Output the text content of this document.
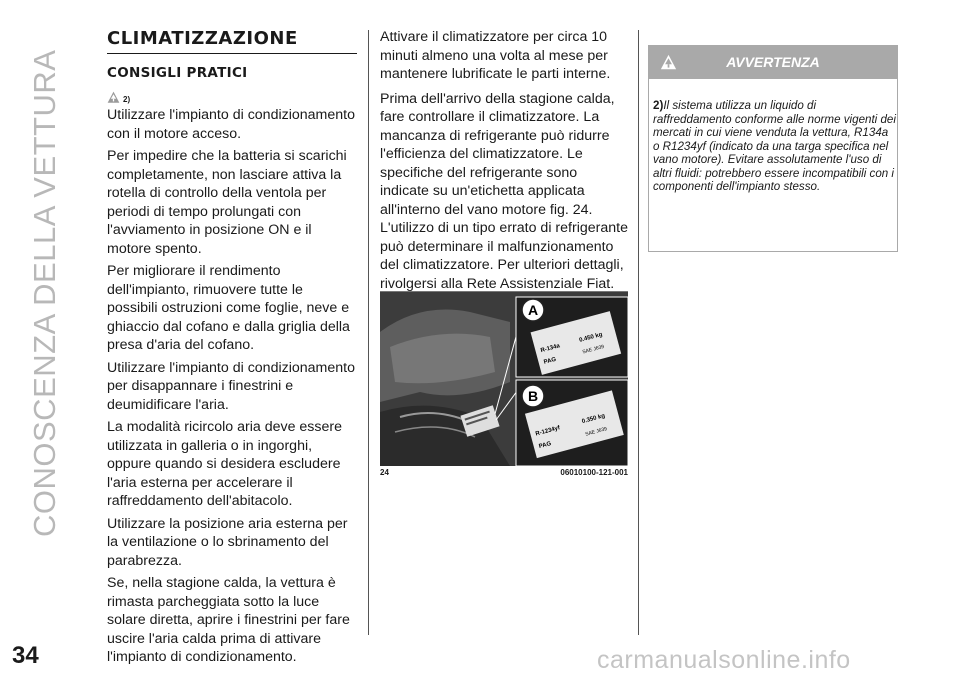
CONOSCENZA DELLA VETTURA
34
CLIMATIZZAZIONE
CONSIGLI PRATICI
2)

Utilizzare l'impianto di condizionamento con il motore acceso.

Per impedire che la batteria si scarichi completamente, non lasciare attiva la rotella di controllo della ventola per periodi di tempo prolungati con l'avviamento in posizione ON e il motore spento.

Per migliorare il rendimento dell'impianto, rimuovere tutte le possibili ostruzioni come foglie, neve e ghiaccio dal cofano e dalla griglia della presa d'aria del cofano.

Utilizzare l'impianto di condizionamento per disappannare i finestrini e deumidificare l'aria.

La modalità ricircolo aria deve essere utilizzata in galleria o in ingorghi, oppure quando si desidera escludere l'aria esterna per accelerare il raffreddamento dell'abitacolo.

Utilizzare la posizione aria esterna per la ventilazione o lo sbrinamento del parabrezza.

Se, nella stagione calda, la vettura è rimasta parcheggiata sotto la luce solare diretta, aprire i finestrini per fare uscire l'aria calda prima di attivare l'impianto di condizionamento.

Attivare il climatizzatore per circa 10 minuti almeno una volta al mese per mantenere lubrificate le parti interne.

Prima dell'arrivo della stagione calda, fare controllare il climatizzatore. La mancanza di refrigerante può ridurre l'efficienza del climatizzatore. Le specifiche del refrigerante sono indicate su un'etichetta applicata all'interno del vano motore fig. 24. L'utilizzo di un tipo errato di refrigerante può determinare il malfunzionamento del climatizzatore. Per ulteriori dettagli, rivolgersi alla Rete Assistenziale Fiat.

R-134a
0.450 kg
PAG
SAE J639
A
R-1234yf
0.350 kg
PAG
SAE J639
B
24	06010100-121-001
AVVERTENZA
2)Il sistema utilizza un liquido di raffreddamento conforme alle norme vigenti dei mercati in cui viene venduta la vettura, R134a o R1234yf (indicato da una targa specifica nel vano motore). Evitare assolutamente l'uso di altri fluidi: potrebbero essere incompatibili con i componenti dell'impianto stesso.
carmanualsonline.info
